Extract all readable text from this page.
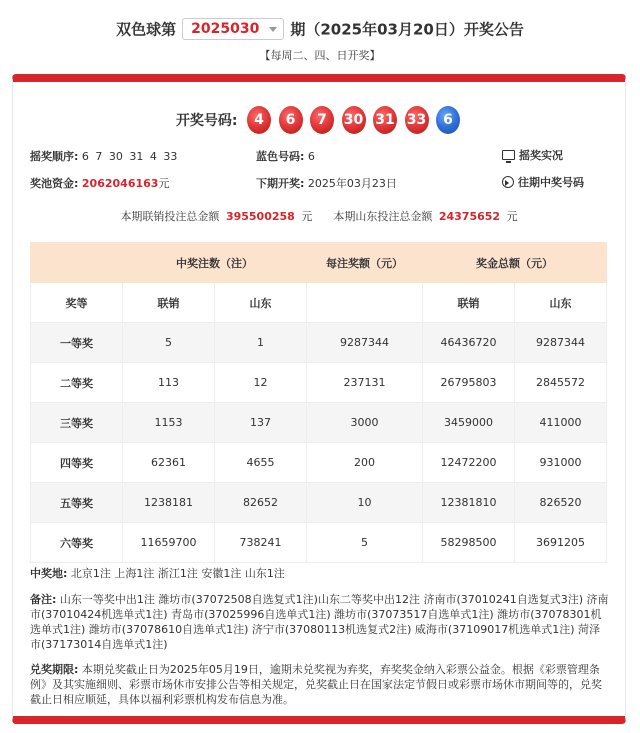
双色球第 2025030 期（2025年03月20日）开奖公告
【每周二、四、日开奖】
开奖号码: 4 6 7 30 31 33 6
摇奖顺序: 6 7 30 31 4 33	蓝色号码: 6	摇奖实况
奖池资金: 2062046163元	下期开奖: 2025年03月23日	往期中奖号码
本期联销投注总金额 395500258 元 本期山东投注总金额 24375652 元
	中奖注数（注）		每注奖额（元）	奖金总额（元）	
奖等	联销	山东		联销	山东
一等奖	5	1	9287344	46436720	9287344
二等奖	113	12	237131	26795803	2845572
三等奖	1153	137	3000	3459000	411000
四等奖	62361	4655	200	12472200	931000
五等奖	1238181	82652	10	12381810	826520
六等奖	11659700	738241	5	58298500	3691205
中奖地: 北京1注 上海1注 浙江1注 安徽1注 山东1注
备注: 山东一等奖中出1注 潍坊市(37072508自选复式1注)山东二等奖中出12注 济南市(37010241自选复式3注) 济南市(37010424机选单式1注) 青岛市(37025996自选单式1注) 潍坊市(37073517自选单式1注) 潍坊市(37078301机选单式1注) 潍坊市(37078610自选单式1注) 济宁市(37080113机选复式2注) 威海市(37109017机选单式1注) 菏泽市(37173014自选单式1注)
兑奖期限: 本期兑奖截止日为2025年05月19日，逾期未兑奖视为弃奖，弃奖奖金纳入彩票公益金。根据《彩票管理条例》及其实施细则、彩票市场休市安排公告等相关规定，兑奖截止日在国家法定节假日或彩票市场休市期间等的，兑奖截止日相应顺延，具体以福利彩票机构发布信息为准。
